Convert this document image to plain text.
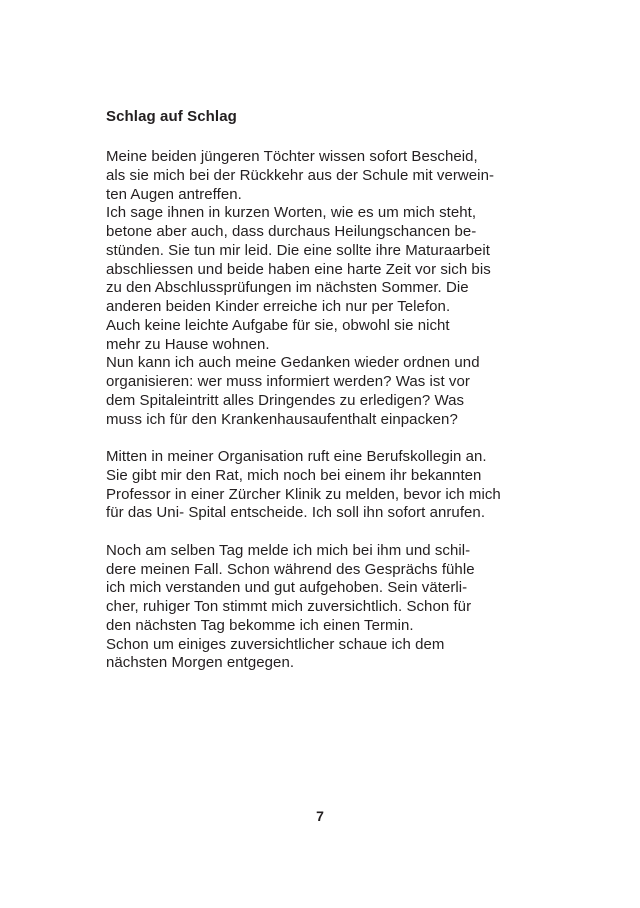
Schlag auf Schlag
Meine beiden jüngeren Töchter wissen sofort Bescheid,
als sie mich bei der Rückkehr aus der Schule mit verwein-
ten Augen antreffen.
Ich sage ihnen in kurzen Worten, wie es um mich steht,
betone aber auch, dass durchaus Heilungschancen be-
stünden. Sie tun mir leid. Die eine sollte ihre Maturaarbeit
abschliessen und beide haben eine harte Zeit vor sich bis
zu den Abschlussprüfungen im nächsten Sommer. Die
anderen beiden Kinder erreiche ich nur per Telefon.
Auch keine leichte Aufgabe für sie, obwohl sie nicht
mehr zu Hause wohnen.
Nun kann ich auch meine Gedanken wieder ordnen und
organisieren: wer muss informiert werden? Was ist vor
dem Spitaleintritt alles Dringendes zu erledigen? Was
muss ich für den Krankenhausaufenthalt einpacken?
Mitten in meiner Organisation ruft eine Berufskollegin an.
Sie gibt mir den Rat, mich noch bei einem ihr bekannten
Professor in einer Zürcher Klinik zu melden, bevor ich mich
für das Uni- Spital entscheide. Ich soll ihn sofort anrufen.
Noch am selben Tag melde ich mich bei ihm und schil-
dere meinen Fall. Schon während des Gesprächs fühle
ich mich verstanden und gut aufgehoben. Sein väterli-
cher, ruhiger Ton stimmt mich zuversichtlich. Schon für
den nächsten Tag bekomme ich einen Termin.
Schon um einiges zuversichtlicher schaue ich dem
nächsten Morgen entgegen.

7
